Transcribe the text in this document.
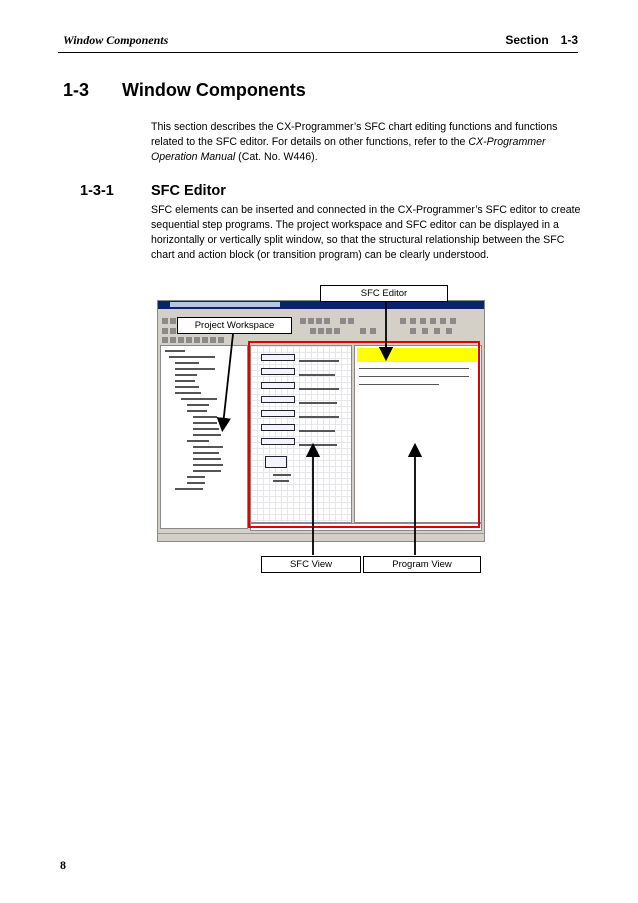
Window Components	Section 1-3
1-3 Window Components
This section describes the CX-Programmer’s SFC chart editing functions and functions related to the SFC editor. For details on other functions, refer to the CX-Programmer Operation Manual (Cat. No. W446).
1-3-1	SFC Editor
SFC elements can be inserted and connected in the CX-Programmer’s SFC editor to create sequential step programs. The project workspace and SFC editor can be displayed in a horizontally or vertically split window, so that the structural relationship between the SFC chart and action block (or transition program) can be clearly understood.
SFC Editor
Project Workspace
SFC View	Program View
8
